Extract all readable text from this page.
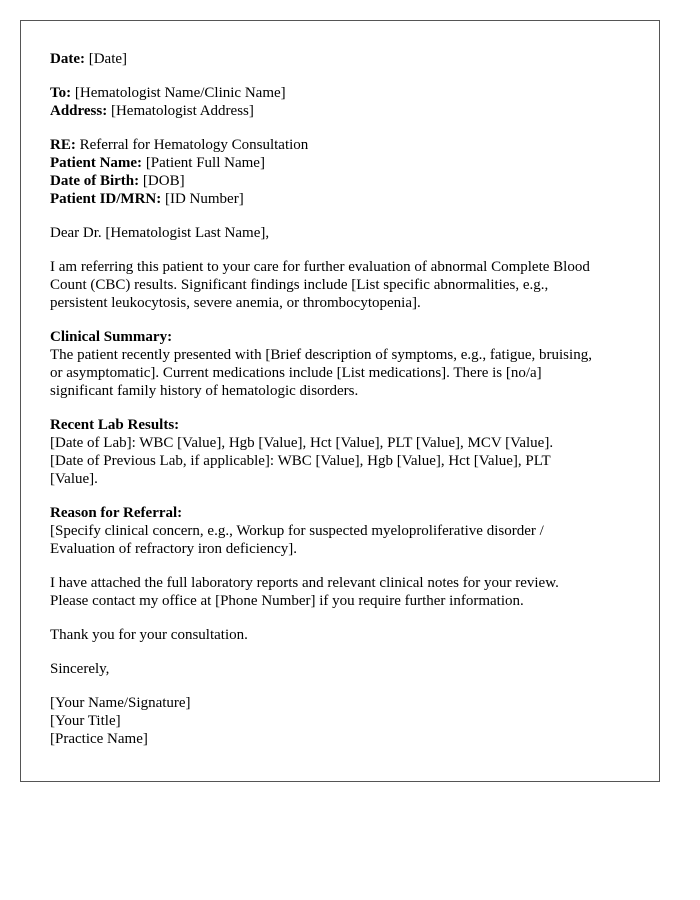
Date: [Date]
To: [Hematologist Name/Clinic Name]
Address: [Hematologist Address]
RE: Referral for Hematology Consultation
Patient Name: [Patient Full Name]
Date of Birth: [DOB]
Patient ID/MRN: [ID Number]
Dear Dr. [Hematologist Last Name],
I am referring this patient to your care for further evaluation of abnormal Complete Blood
Count (CBC) results. Significant findings include [List specific abnormalities, e.g.,
persistent leukocytosis, severe anemia, or thrombocytopenia].
Clinical Summary:
The patient recently presented with [Brief description of symptoms, e.g., fatigue, bruising,
or asymptomatic]. Current medications include [List medications]. There is [no/a]
significant family history of hematologic disorders.
Recent Lab Results:
[Date of Lab]: WBC [Value], Hgb [Value], Hct [Value], PLT [Value], MCV [Value].
[Date of Previous Lab, if applicable]: WBC [Value], Hgb [Value], Hct [Value], PLT
[Value].
Reason for Referral:
[Specify clinical concern, e.g., Workup for suspected myeloproliferative disorder /
Evaluation of refractory iron deficiency].
I have attached the full laboratory reports and relevant clinical notes for your review.
Please contact my office at [Phone Number] if you require further information.
Thank you for your consultation.
Sincerely,
[Your Name/Signature]
[Your Title]
[Practice Name]
